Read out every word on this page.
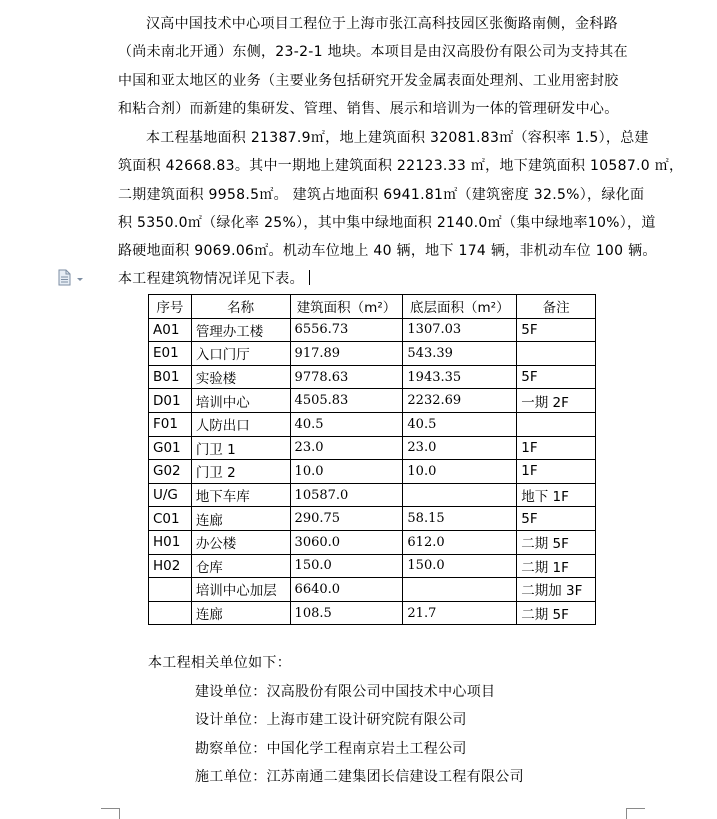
汉高中国技术中心项目工程位于上海市张江高科技园区张衡路南侧，金科路
（尚未南北开通）东侧，23-2-1 地块。本项目是由汉高股份有限公司为支持其在
中国和亚太地区的业务（主要业务包括研究开发金属表面处理剂、工业用密封胶
和粘合剂）而新建的集研发、管理、销售、展示和培训为一体的管理研发中心。
本工程基地面积 21387.9㎡，地上建筑面积 32081.83㎡（容积率 1.5），总建
筑面积 42668.83。其中一期地上建筑面积 22123.33 ㎡，地下建筑面积 10587.0 ㎡，
二期建筑面积 9958.5㎡。 建筑占地面积 6941.81㎡（建筑密度 32.5%），绿化面
积 5350.0㎡（绿化率 25%），其中集中绿地面积 2140.0㎡（集中绿地率10%），道
路硬地面积 9069.06㎡。机动车位地上 40 辆，地下 174 辆，非机动车位 100 辆。
本工程建筑物情况详见下表。
序号	名称	建筑面积（m²）	底层面积（m²）	备注
A01	管理办工楼	6556.73	1307.03	5F
E01	入口门厅	917.89	543.39	
B01	实验楼	9778.63	1943.35	5F
D01	培训中心	4505.83	2232.69	一期 2F
F01	人防出口	40.5	40.5	
G01	门卫 1	23.0	23.0	1F
G02	门卫 2	10.0	10.0	1F
U/G	地下车库	10587.0		地下 1F
C01	连廊	290.75	58.15	5F
H01	办公楼	3060.0	612.0	二期 5F
H02	仓库	150.0	150.0	二期 1F
	培训中心加层	6640.0		二期加 3F
	连廊	108.5	21.7	二期 5F
本工程相关单位如下：
建设单位：汉高股份有限公司中国技术中心项目
设计单位：上海市建工设计研究院有限公司
勘察单位：中国化学工程南京岩土工程公司
施工单位：江苏南通二建集团长信建设工程有限公司
